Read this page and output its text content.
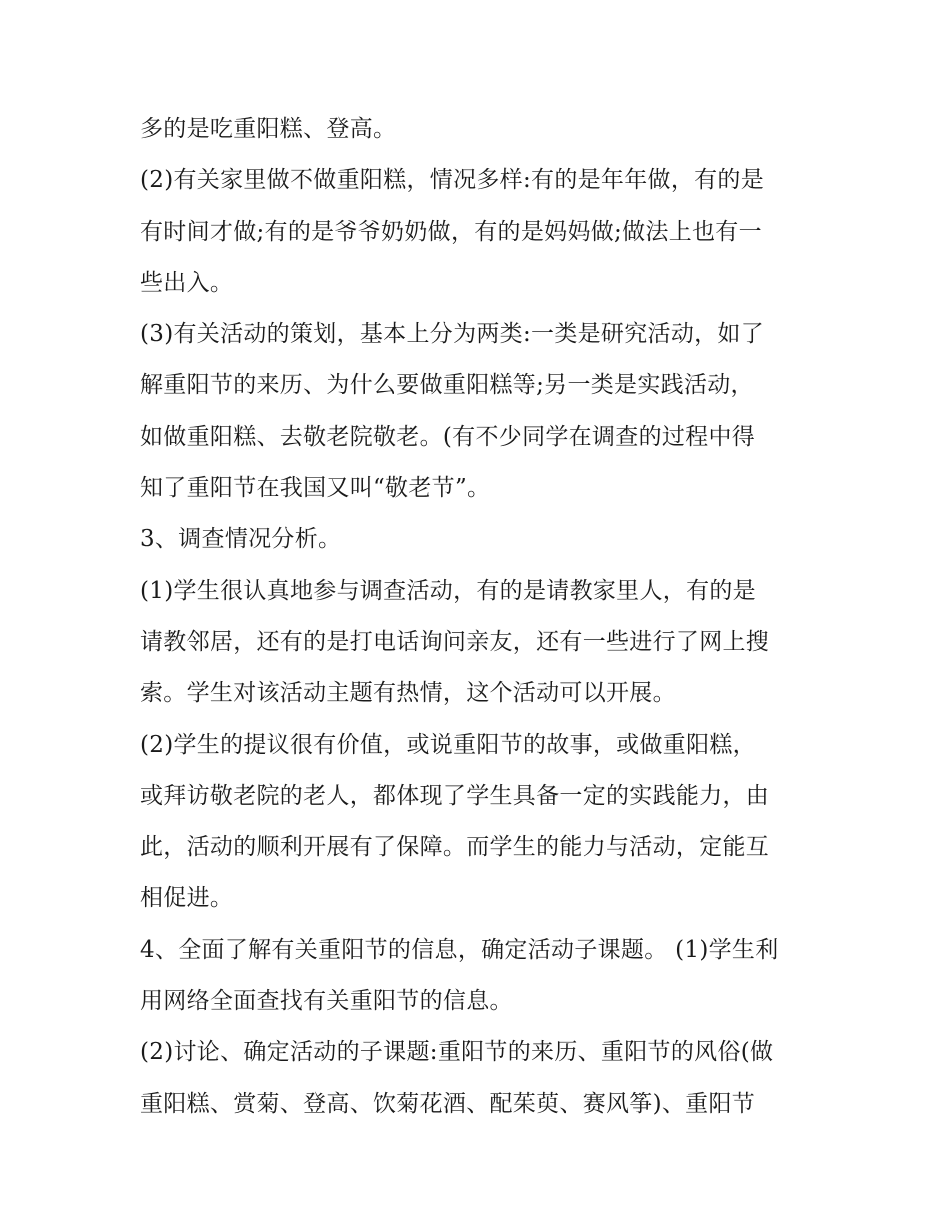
多的是吃重阳糕、登高。
(2)有关家里做不做重阳糕，情况多样:有的是年年做，有的是
有时间才做;有的是爷爷奶奶做，有的是妈妈做;做法上也有一
些出入。
(3)有关活动的策划，基本上分为两类:一类是研究活动，如了
解重阳节的来历、为什么要做重阳糕等;另一类是实践活动，
如做重阳糕、去敬老院敬老。(有不少同学在调查的过程中得
知了重阳节在我国又叫“敬老节”。
3、调查情况分析。
(1)学生很认真地参与调查活动，有的是请教家里人，有的是
请教邻居，还有的是打电话询问亲友，还有一些进行了网上搜
索。学生对该活动主题有热情，这个活动可以开展。
(2)学生的提议很有价值，或说重阳节的故事，或做重阳糕，
或拜访敬老院的老人，都体现了学生具备一定的实践能力，由
此，活动的顺利开展有了保障。而学生的能力与活动，定能互
相促进。
4、全面了解有关重阳节的信息，确定活动子课题。 (1)学生利
用网络全面查找有关重阳节的信息。
(2)讨论、确定活动的子课题:重阳节的来历、重阳节的风俗(做
重阳糕、赏菊、登高、饮菊花酒、配茱萸、赛风筝)、重阳节
